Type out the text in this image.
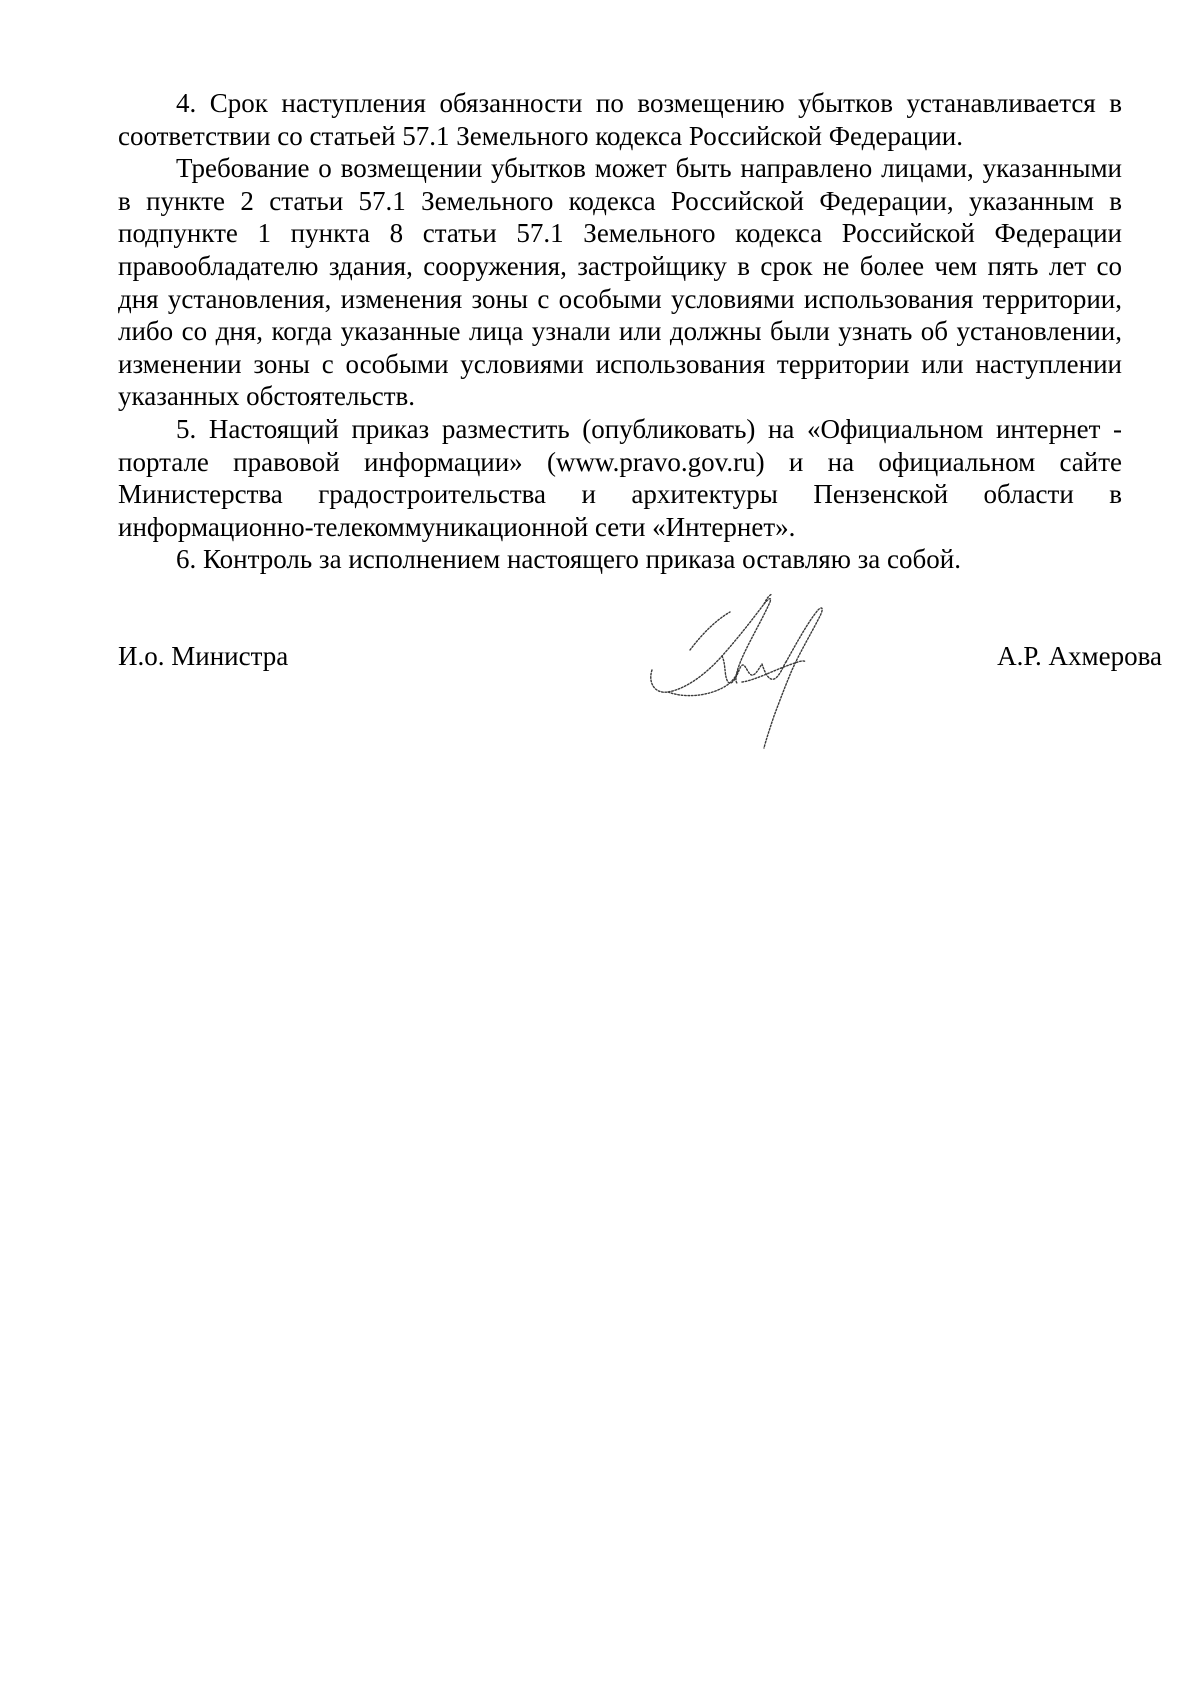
4. Срок наступления обязанности по возмещению убытков устанавливается в соответствии со статьей 57.1 Земельного кодекса Российской Федерации.

Требование о возмещении убытков может быть направлено лицами, указанными в пункте 2 статьи 57.1 Земельного кодекса Российской Федерации, указанным в подпункте 1 пункта 8 статьи 57.1 Земельного кодекса Российской Федерации правообладателю здания, сооружения, застройщику в срок не более чем пять лет со дня установления, изменения зоны с особыми условиями использования территории, либо со дня, когда указанные лица узнали или должны были узнать об установлении, изменении зоны с особыми условиями использования территории или наступлении указанных обстоятельств.

5. Настоящий приказ разместить (опубликовать) на «Официальном интернет - портале правовой информации» (www.pravo.gov.ru) и на официальном сайте Министерства градостроительства и архитектуры Пензенской области в информационно-телекоммуникационной сети «Интернет».

6. Контроль за исполнением настоящего приказа оставляю за собой.

И.о. Министра	А.Р. Ахмерова
